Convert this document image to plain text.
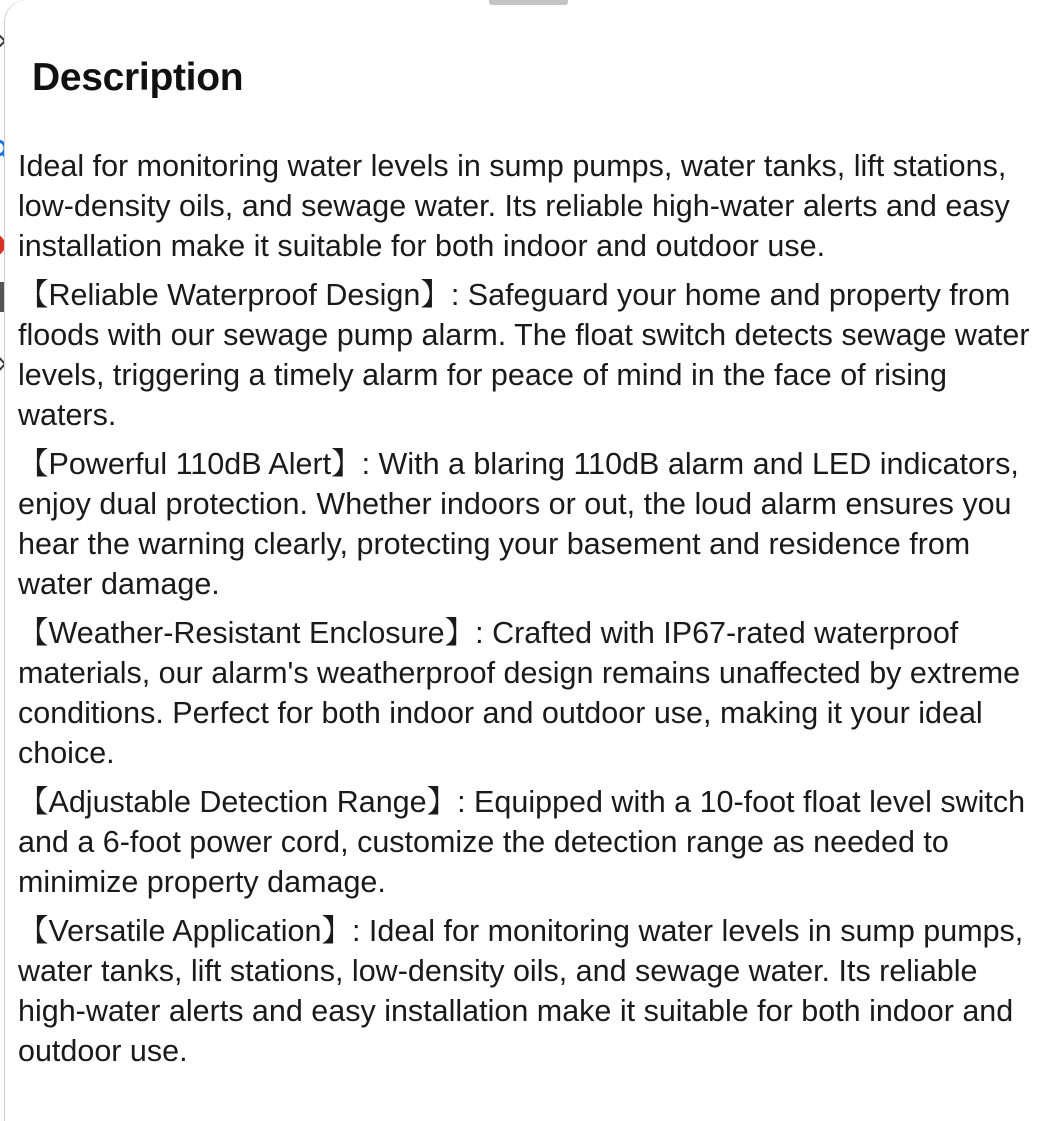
Description

Ideal for monitoring water levels in sump pumps, water tanks, lift stations, low-density oils, and sewage water. Its reliable high-water alerts and easy installation make it suitable for both indoor and outdoor use.

【Reliable Waterproof Design】: Safeguard your home and property from floods with our sewage pump alarm. The float switch detects sewage water levels, triggering a timely alarm for peace of mind in the face of rising waters.

【Powerful 110dB Alert】: With a blaring 110dB alarm and LED indicators, enjoy dual protection. Whether indoors or out, the loud alarm ensures you hear the warning clearly, protecting your basement and residence from water damage.

【Weather-Resistant Enclosure】: Crafted with IP67-rated waterproof materials, our alarm's weatherproof design remains unaffected by extreme conditions. Perfect for both indoor and outdoor use, making it your ideal choice.

【Adjustable Detection Range】: Equipped with a 10-foot float level switch and a 6-foot power cord, customize the detection range as needed to minimize property damage.

【Versatile Application】: Ideal for monitoring water levels in sump pumps, water tanks, lift stations, low-density oils, and sewage water. Its reliable high-water alerts and easy installation make it suitable for both indoor and outdoor use.
